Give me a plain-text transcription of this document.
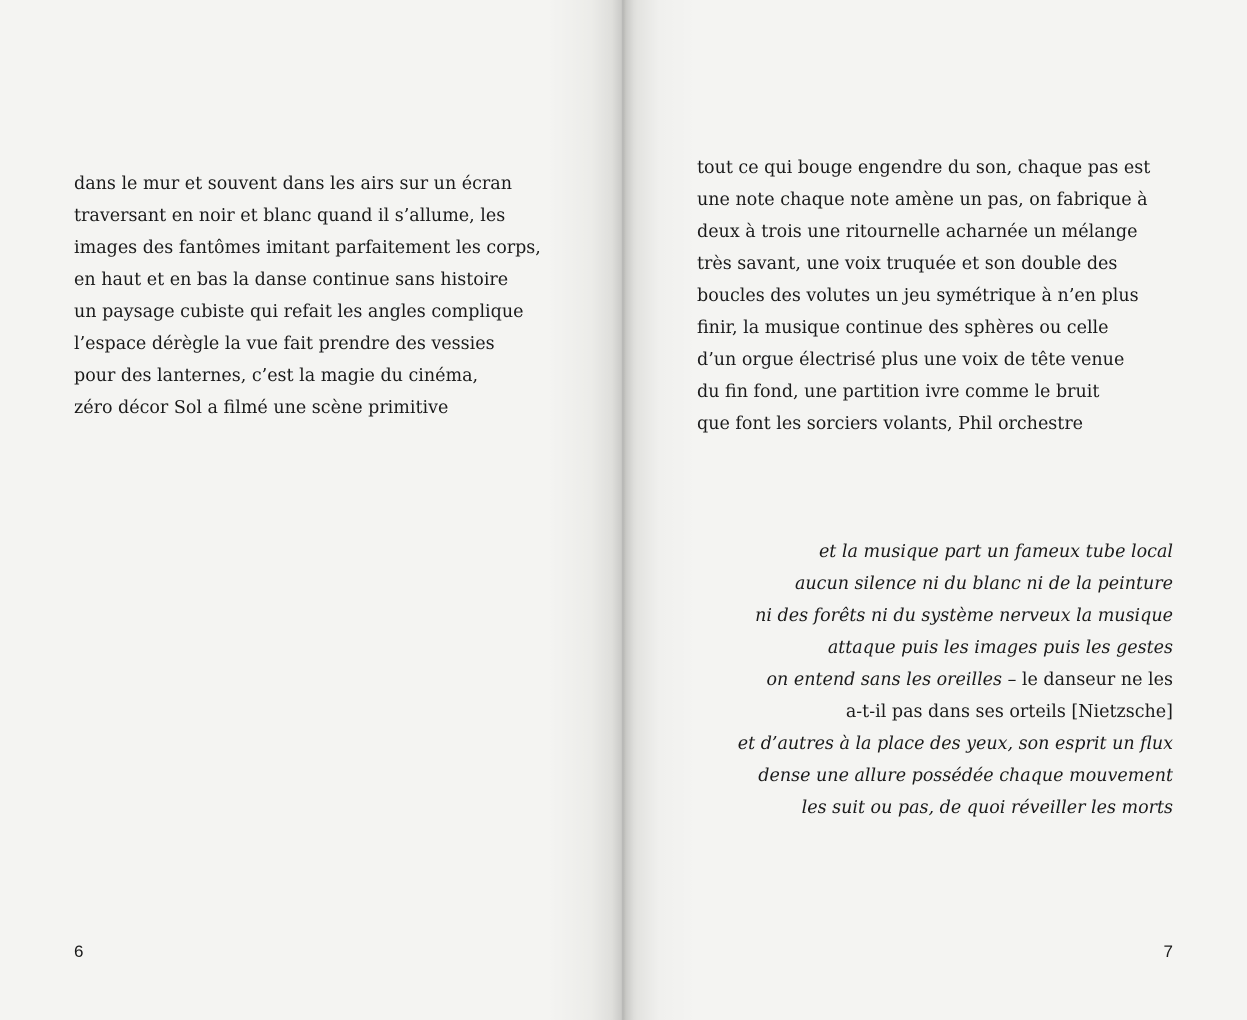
dans le mur et souvent dans les airs sur un écran
traversant en noir et blanc quand il s’allume, les
images des fantômes imitant parfaitement les corps,
en haut et en bas la danse continue sans histoire
un paysage cubiste qui refait les angles complique
l’espace dérègle la vue fait prendre des vessies
pour des lanternes, c’est la magie du cinéma,
zéro décor Sol a filmé une scène primitive
6
tout ce qui bouge engendre du son, chaque pas est
une note chaque note amène un pas, on fabrique à
deux à trois une ritournelle acharnée un mélange
très savant, une voix truquée et son double des
boucles des volutes un jeu symétrique à n’en plus
finir, la musique continue des sphères ou celle
d’un orgue électrisé plus une voix de tête venue
du fin fond, une partition ivre comme le bruit
que font les sorciers volants, Phil orchestre
et la musique part un fameux tube local
aucun silence ni du blanc ni de la peinture
ni des forêts ni du système nerveux la musique
attaque puis les images puis les gestes
on entend sans les oreilles – le danseur ne les
a-t-il pas dans ses orteils [Nietzsche]
et d’autres à la place des yeux, son esprit un flux
dense une allure possédée chaque mouvement
les suit ou pas, de quoi réveiller les morts
7
